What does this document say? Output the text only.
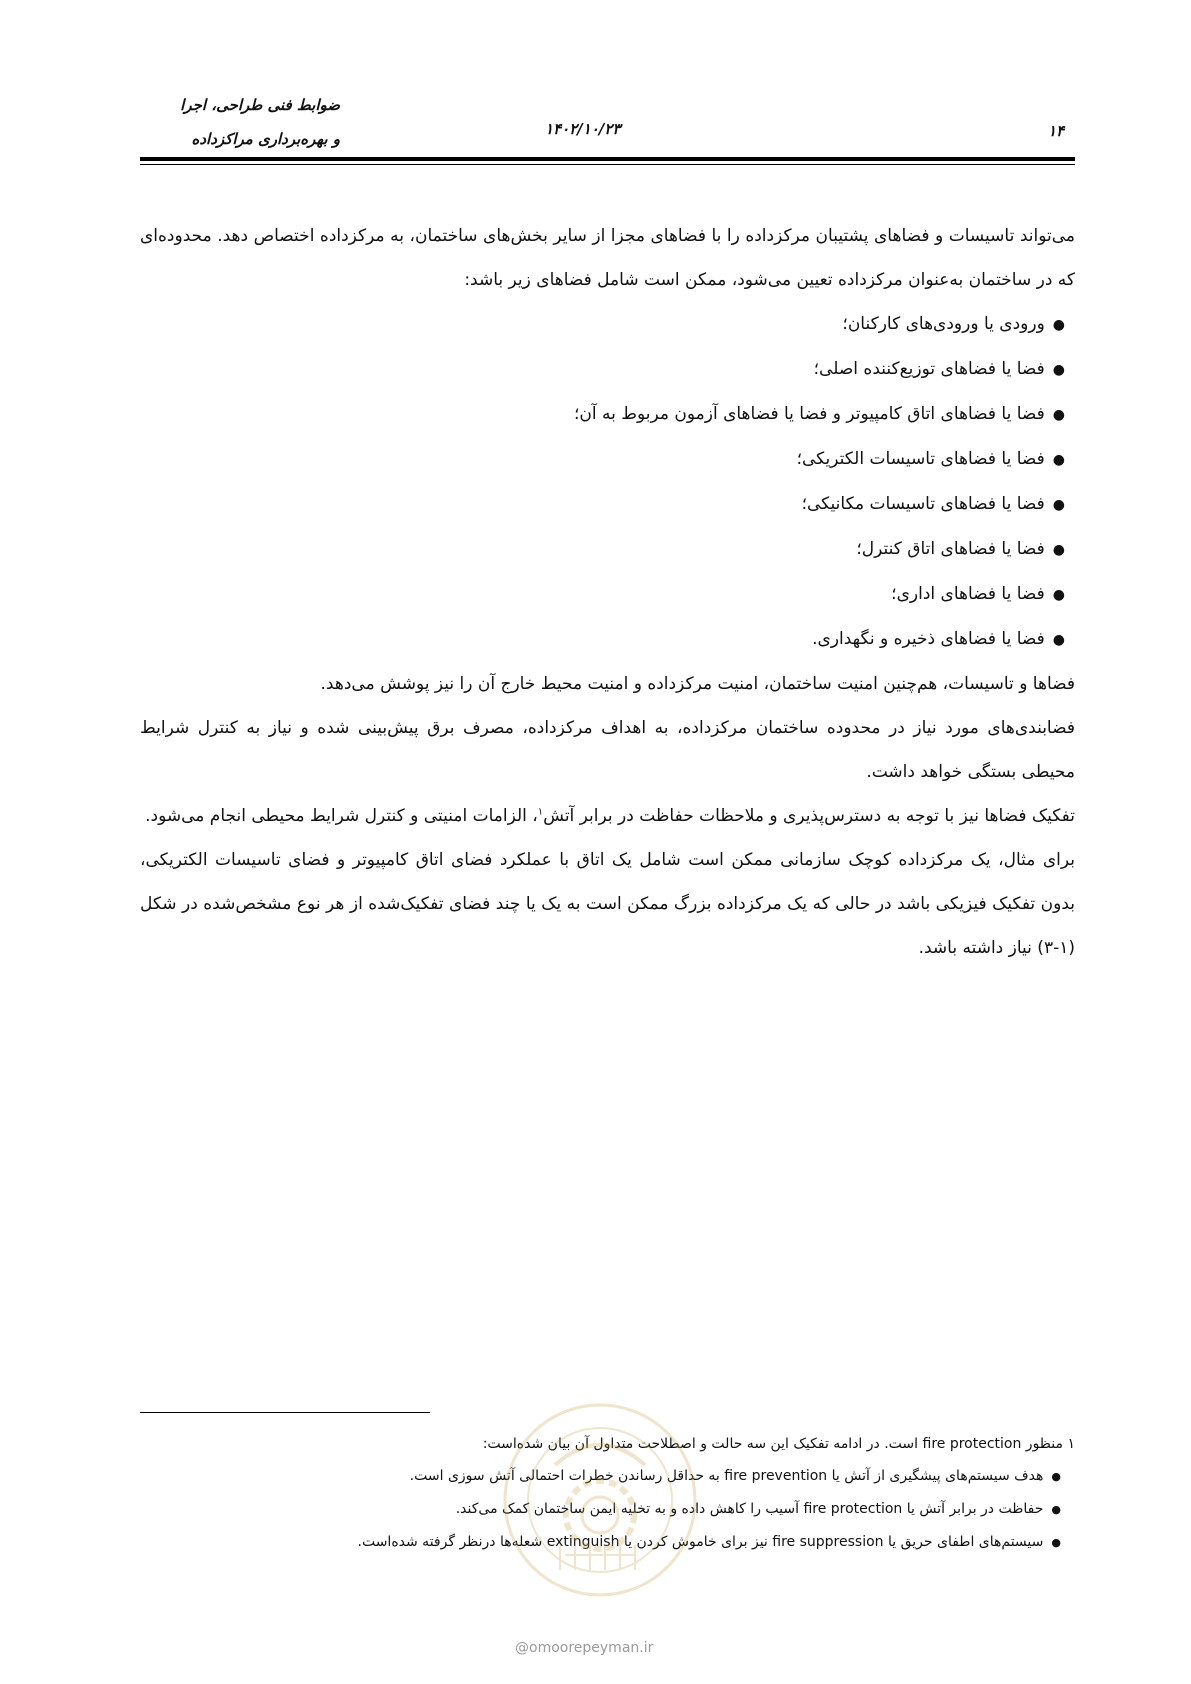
ضوابط فنی طراحی، اجرا
و بهره‌برداری مراکزداده
۱۴۰۲/۱۰/۲۳	۱۴

می‌تواند تاسیسات و فضاهای پشتیبان مرکزداده را با فضاهای مجزا از سایر بخش‌های ساختمان، به مرکزداده اختصاص دهد. محدوده‌ای که در ساختمان به‌عنوان مرکزداده تعیین می‌شود، ممکن است شامل فضاهای زیر باشد:

●ورودی یا ورودی‌های کارکنان؛
●فضا یا فضاهای توزیع‌کننده اصلی؛
●فضا یا فضاهای اتاق کامپیوتر و فضا یا فضاهای آزمون مربوط به آن؛
●فضا یا فضاهای تاسیسات الکتریکی؛
●فضا یا فضاهای تاسیسات مکانیکی؛
●فضا یا فضاهای اتاق کنترل؛
●فضا یا فضاهای اداری؛
●فضا یا فضاهای ذخیره و نگهداری.

فضاها و تاسیسات، هم‌چنین امنیت ساختمان، امنیت مرکزداده و امنیت محیط خارج آن را نیز پوشش می‌دهد.

فضابندی‌های مورد نیاز در محدوده ساختمان مرکزداده، به اهداف مرکزداده، مصرف برق پیش‌بینی شده و نیاز به کنترل شرایط محیطی بستگی خواهد داشت.

تفکیک فضاها نیز با توجه به دسترس‌پذیری و ملاحظات حفاظت در برابر آتش$^۱$، الزامات امنیتی و کنترل شرایط محیطی انجام می‌شود.

برای مثال، یک مرکزداده کوچک سازمانی ممکن است شامل یک اتاق با عملکرد فضای اتاق کامپیوتر و فضای تاسیسات الکتریکی، بدون تفکیک فیزیکی باشد در حالی که یک مرکزداده بزرگ ممکن است به یک یا چند فضای تفکیک‌شده از هر نوع مشخص‌شده در شکل (۱-۳) نیاز داشته باشد.

۱ منظور fire protection است. در ادامه تفکیک این سه حالت و اصطلاحت متداول آن بیان شده‌است:

●هدف سیستم‌های پیشگیری از آتش یا fire prevention به حداقل رساندن خطرات احتمالی آتش سوزی است.
●حفاظت در برابر آتش یا fire protection آسیب را کاهش داده و به تخلیه ایمن ساختمان کمک می‌کند.
●سیستم‌های اطفای حریق یا fire suppression نیز برای خاموش کردن یا extinguish شعله‌ها درنظر گرفته شده‌است.
@omoorepeyman.ir
